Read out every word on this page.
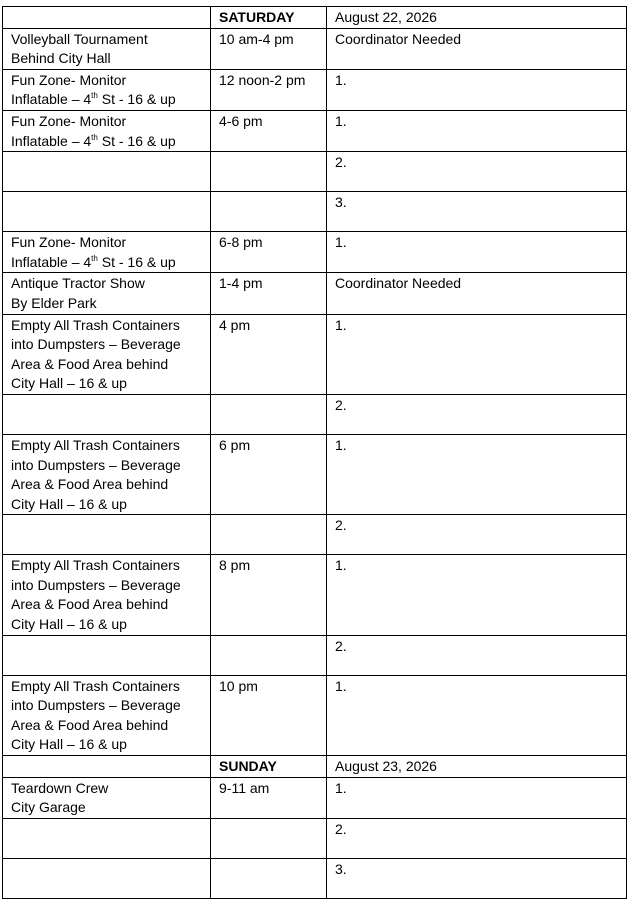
	SATURDAY	August 22, 2026
Volleyball Tournament
Behind City Hall	10 am-4 pm	Coordinator Needed
Fun Zone- Monitor
Inflatable – 4th St - 16 & up	12 noon-2 pm	1.
Fun Zone- Monitor
Inflatable – 4th St - 16 & up	4-6 pm	1.
		2.
		3.
Fun Zone- Monitor
Inflatable – 4th St - 16 & up	6-8 pm	1.
Antique Tractor Show
By Elder Park	1-4 pm	Coordinator Needed
Empty All Trash Containers
into Dumpsters – Beverage
Area & Food Area behind
City Hall – 16 & up	4 pm	1.
		2.
Empty All Trash Containers
into Dumpsters – Beverage
Area & Food Area behind
City Hall – 16 & up	6 pm	1.
		2.
Empty All Trash Containers
into Dumpsters – Beverage
Area & Food Area behind
City Hall – 16 & up	8 pm	1.
		2.
Empty All Trash Containers
into Dumpsters – Beverage
Area & Food Area behind
City Hall – 16 & up	10 pm	1.
	SUNDAY	August 23, 2026
Teardown Crew
City Garage	9-11 am	1.
		2.
		3.
